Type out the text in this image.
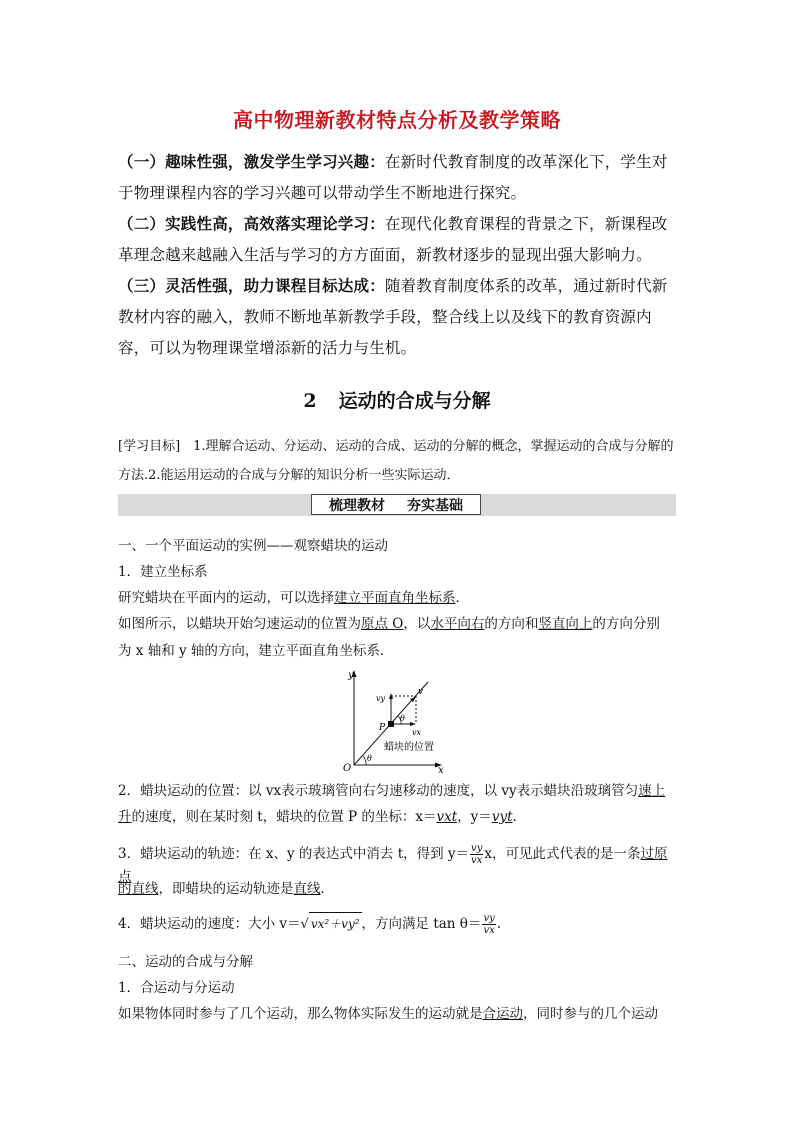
高中物理新教材特点分析及教学策略
（一）趣味性强，激发学生学习兴趣：在新时代教育制度的改革深化下，学生对于物理课程内容的学习兴趣可以带动学生不断地进行探究。
（二）实践性高，高效落实理论学习：在现代化教育课程的背景之下，新课程改革理念越来越融入生活与学习的方方面面，新教材逐步的显现出强大影响力。
（三）灵活性强，助力课程目标达成：随着教育制度体系的改革，通过新时代新教材内容的融入，教师不断地革新教学手段，整合线上以及线下的教育资源内容，可以为物理课堂增添新的活力与生机。
2 运动的合成与分解
[学习目标]　1.理解合运动、分运动、运动的合成、运动的分解的概念，掌握运动的合成与分解的方法.2.能运用运动的合成与分解的知识分析一些实际运动．
梳理教材 夯实基础
一、一个平面运动的实例——观察蜡块的运动
1．建立坐标系
研究蜡块在平面内的运动，可以选择建立平面直角坐标系．
如图所示，以蜡块开始匀速运动的位置为原点 O，以水平向右的方向和竖直向上的方向分别
为 x 轴和 y 轴的方向，建立平面直角坐标系．
y
x
O
θ
θ
P
v
vy
vx
蜡块的位置
2．蜡块运动的位置：以 vx表示玻璃管向右匀速移动的速度，以 vy表示蜡块沿玻璃管匀速上
升的速度，则在某时刻 t，蜡块的位置 P 的坐标：x＝vxt，y＝vyt.
3．蜡块运动的轨迹：在 x、y 的表达式中消去 t，得到 $y= \frac{vy}{vx}$ x，可见此式代表的是一条过原点
的直线，即蜡块的运动轨迹是直线．
4．蜡块运动的速度：大小 v＝√ vx²＋vy² ，方向满足 $\tan \theta= \frac{vy}{vx}$ .
二、运动的合成与分解
1．合运动与分运动
如果物体同时参与了几个运动，那么物体实际发生的运动就是合运动，同时参与的几个运动
